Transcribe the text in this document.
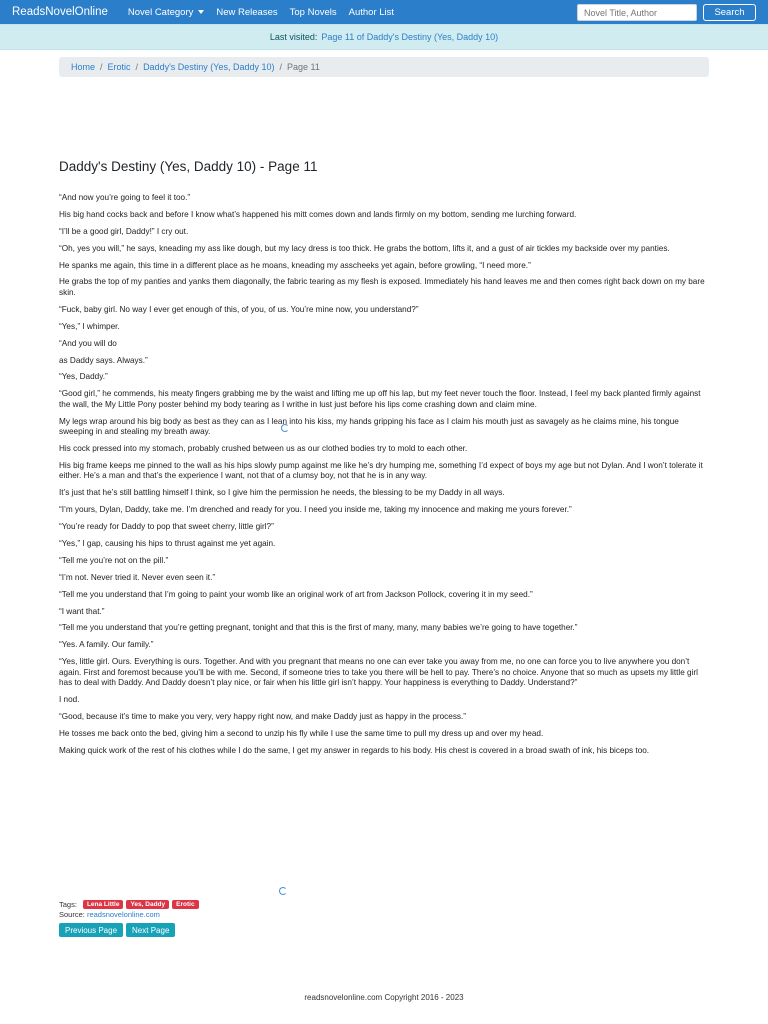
ReadsNovelOnline Novel Category New Releases Top Novels Author List
Novel Title, Author	Search
Last visited: Page 11 of Daddy's Destiny (Yes, Daddy 10)
Home / Erotic / Daddy's Destiny (Yes, Daddy 10) / Page 11
Daddy's Destiny (Yes, Daddy 10) - Page 11

“And now you’re going to feel it too.”

His big hand cocks back and before I know what’s happened his mitt comes down and lands firmly on my bottom, sending me lurching forward.

“I’ll be a good girl, Daddy!” I cry out.

“Oh, yes you will,” he says, kneading my ass like dough, but my lacy dress is too thick. He grabs the bottom, lifts it, and a gust of air tickles my backside over my panties.

He spanks me again, this time in a different place as he moans, kneading my asscheeks yet again, before growling, “I need more.”

He grabs the top of my panties and yanks them diagonally, the fabric tearing as my flesh is exposed. Immediately his hand leaves me and then comes right back down on my bare skin.

“Fuck, baby girl. No way I ever get enough of this, of you, of us. You’re mine now, you understand?”

“Yes,” I whimper.

“And you will do

as Daddy says. Always.”

“Yes, Daddy.”

“Good girl,” he commends, his meaty fingers grabbing me by the waist and lifting me up off his lap, but my feet never touch the floor. Instead, I feel my back planted firmly against the wall, the My Little Pony poster behind my body tearing as I writhe in lust just before his lips come crashing down and claim mine.

My legs wrap around his big body as best as they can as I lean into his kiss, my hands gripping his face as I claim his mouth just as savagely as he claims mine, his tongue sweeping in and stealing my breath away.

His cock pressed into my stomach, probably crushed between us as our clothed bodies try to mold to each other.

His big frame keeps me pinned to the wall as his hips slowly pump against me like he’s dry humping me, something I’d expect of boys my age but not Dylan. And I won’t tolerate it either. He’s a man and that’s the experience I want, not that of a clumsy boy, not that he is in any way.

It’s just that he’s still battling himself I think, so I give him the permission he needs, the blessing to be my Daddy in all ways.

“I’m yours, Dylan, Daddy, take me. I’m drenched and ready for you. I need you inside me, taking my innocence and making me yours forever.”

“You’re ready for Daddy to pop that sweet cherry, little girl?”

“Yes,” I gap, causing his hips to thrust against me yet again.

“Tell me you’re not on the pill.”

“I’m not. Never tried it. Never even seen it.”

“Tell me you understand that I’m going to paint your womb like an original work of art from Jackson Pollock, covering it in my seed.”

“I want that.”

“Tell me you understand that you’re getting pregnant, tonight and that this is the first of many, many, many babies we’re going to have together.”

“Yes. A family. Our family.”

“Yes, little girl. Ours. Everything is ours. Together. And with you pregnant that means no one can ever take you away from me, no one can force you to live anywhere you don’t again. First and foremost because you’ll be with me. Second, if someone tries to take you there will be hell to pay. There’s no choice. Anyone that so much as upsets my little girl has to deal with Daddy. And Daddy doesn’t play nice, or fair when his little girl isn’t happy. Your happiness is everything to Daddy. Understand?”

I nod.

“Good, because it’s time to make you very, very happy right now, and make Daddy just as happy in the process.”

He tosses me back onto the bed, giving him a second to unzip his fly while I use the same time to pull my dress up and over my head.

Making quick work of the rest of his clothes while I do the same, I get my answer in regards to his body. His chest is covered in a broad swath of ink, his biceps too.

Tags:	Lena Little	Yes, Daddy	Erotic
Source: readsnovelonline.com
Previous Page	Next Page
readsnovelonline.com Copyright 2016 - 2023
